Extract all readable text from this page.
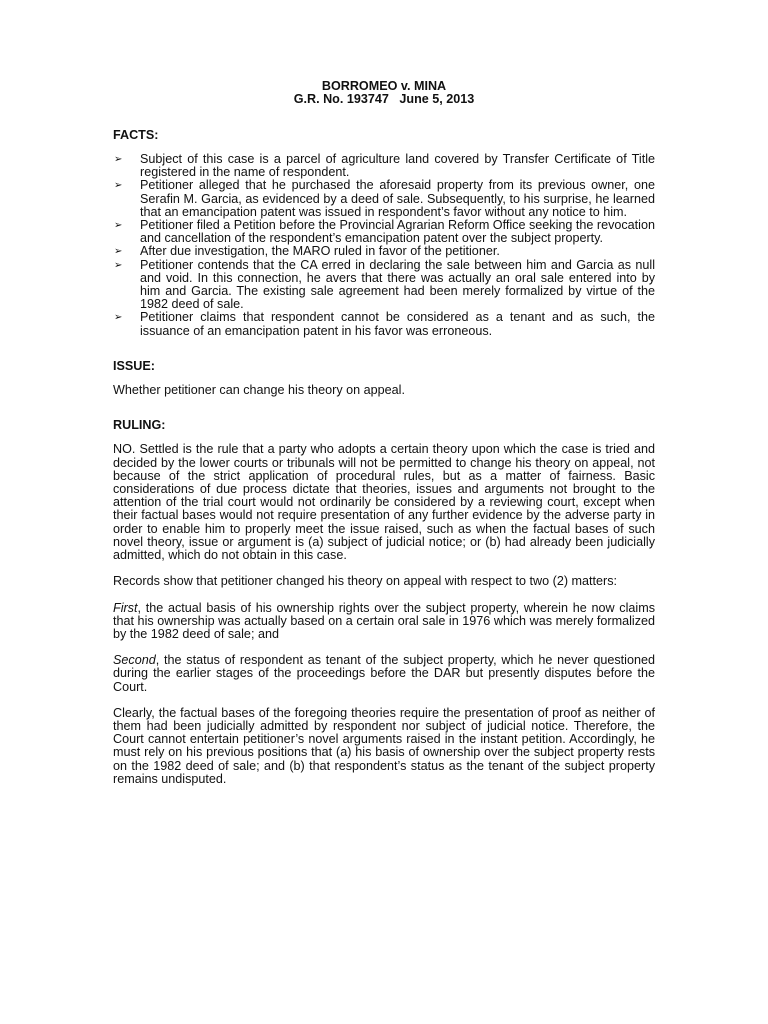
BORROMEO v. MINA
G.R. No. 193747   June 5, 2013
FACTS:
➢ Subject of this case is a parcel of agriculture land covered by Transfer Certificate of Title registered in the name of respondent.
➢ Petitioner alleged that he purchased the aforesaid property from its previous owner, one Serafin M. Garcia, as evidenced by a deed of sale. Subsequently, to his surprise, he learned that an emancipation patent was issued in respondent’s favor without any notice to him.
➢ Petitioner filed a Petition before the Provincial Agrarian Reform Office seeking the revocation and cancellation of the respondent’s emancipation patent over the subject property.
➢ After due investigation, the MARO ruled in favor of the petitioner.
➢ Petitioner contends that the CA erred in declaring the sale between him and Garcia as null and void. In this connection, he avers that there was actually an oral sale entered into by him and Garcia. The existing sale agreement had been merely formalized by virtue of the 1982 deed of sale.
➢ Petitioner claims that respondent cannot be considered as a tenant and as such, the issuance of an emancipation patent in his favor was erroneous.
ISSUE:

Whether petitioner can change his theory on appeal.

RULING:

NO. Settled is the rule that a party who adopts a certain theory upon which the case is tried and decided by the lower courts or tribunals will not be permitted to change his theory on appeal, not because of the strict application of procedural rules, but as a matter of fairness. Basic considerations of due process dictate that theories, issues and arguments not brought to the attention of the trial court would not ordinarily be considered by a reviewing court, except when their factual bases would not require presentation of any further evidence by the adverse party in order to enable him to properly meet the issue raised, such as when the factual bases of such novel theory, issue or argument is (a) subject of judicial notice; or (b) had already been judicially admitted, which do not obtain in this case.

Records show that petitioner changed his theory on appeal with respect to two (2) matters:

First, the actual basis of his ownership rights over the subject property, wherein he now claims that his ownership was actually based on a certain oral sale in 1976 which was merely formalized by the 1982 deed of sale; and

Second, the status of respondent as tenant of the subject property, which he never questioned during the earlier stages of the proceedings before the DAR but presently disputes before the Court.

Clearly, the factual bases of the foregoing theories require the presentation of proof as neither of them had been judicially admitted by respondent nor subject of judicial notice. Therefore, the Court cannot entertain petitioner’s novel arguments raised in the instant petition. Accordingly, he must rely on his previous positions that (a) his basis of ownership over the subject property rests on the 1982 deed of sale; and (b) that respondent’s status as the tenant of the subject property remains undisputed.
